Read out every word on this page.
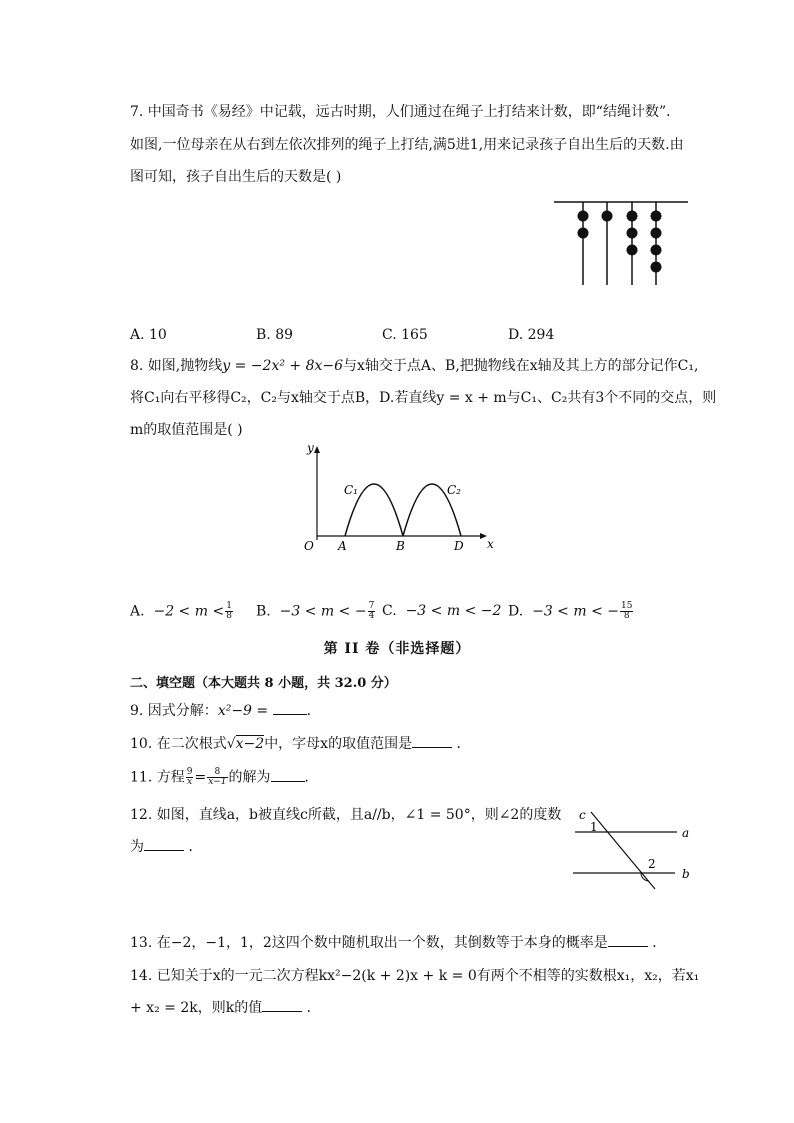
7. 中国奇书《易经》中记载，远古时期，人们通过在绳子上打结来计数，即“结绳计数”．
如图,一位母亲在从右到左依次排列的绳子上打结,满5进1,用来记录孩子自出生后的天数.由
图可知，孩子自出生后的天数是( )
A. 10	B. 89	C. 165	D. 294
8. 如图,抛物线y = −2x² + 8x−6与x轴交于点A、B,把抛物线在x轴及其上方的部分记作C₁,
将C₁向右平移得C₂，C₂与x轴交于点B，D.若直线y = x + m与C₁、C₂共有3个不同的交点，则
m的取值范围是( )
y
x
O A	B	D
C₁	C₂
A. $-2 < m < \frac{1}{8} B$. −3 < m < − $\frac{7}{4} C$. −3 < m < −2 D. −3 < m < − $\frac{15}{8}$
第 II 卷（非选择题）
二、填空题（本大题共 8 小题，共 32.0 分）
9. 因式分解：x²−9 =	．
10. 在二次根式√x−2中，字母x的取值范围是	．
11. 方程 $\frac{9}{x} = \frac{8}{x-1}$ 的解为 ．
12. 如图，直线a，b被直线c所截，且a//b，∠1 = 50°，则∠2的度数
为	．
c
a
b
1
2
13. 在−2，−1，1，2这四个数中随机取出一个数，其倒数等于本身的概率是	．
14. 已知关于x的一元二次方程kx²−2(k + 2)x + k = 0有两个不相等的实数根x₁，x₂，若x₁
+ x₂ = 2k，则k的值	．
